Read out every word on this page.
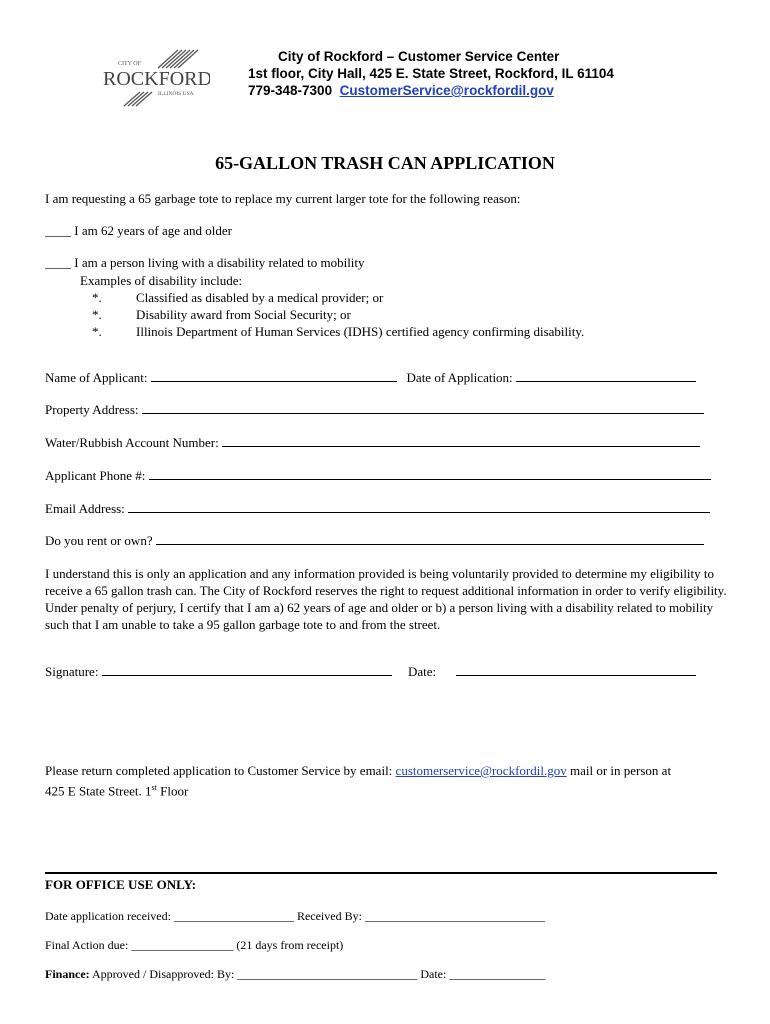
CITY OF
ROCKFORD
ILLINOIS USA
City of Rockford – Customer Service Center
1st floor, City Hall, 425 E. State Street, Rockford, IL 61104
779-348-7300 CustomerService@rockfordil.gov
65-GALLON TRASH CAN APPLICATION
I am requesting a 65 garbage tote to replace my current larger tote for the following reason:
____ I am 62 years of age and older
____ I am a person living with a disability related to mobility
Examples of disability include:
*.	Classified as disabled by a medical provider; or
*.	Disability award from Social Security; or
*.	Illinois Department of Human Services (IDHS) certified agency confirming disability.
Name of Applicant:	Date of Application:
Property Address:
Water/Rubbish Account Number:
Applicant Phone #:
Email Address:
Do you rent or own?
I understand this is only an application and any information provided is being voluntarily provided to determine my eligibility to receive a 65 gallon trash can. The City of Rockford reserves the right to request additional information in order to verify eligibility. Under penalty of perjury, I certify that I am a) 62 years of age and older or b) a person living with a disability related to mobility such that I am unable to take a 95 gallon garbage tote to and from the street.
Signature:	Date:
Please return completed application to Customer Service by email: customerservice@rockfordil.gov mail or in person at
425 E State Street. 1st Floor
FOR OFFICE USE ONLY:
Date application received: ____________________ Received By: ______________________________
Final Action due: _________________ (21 days from receipt)
Finance: Approved / Disapproved: By: ______________________________ Date: ________________
